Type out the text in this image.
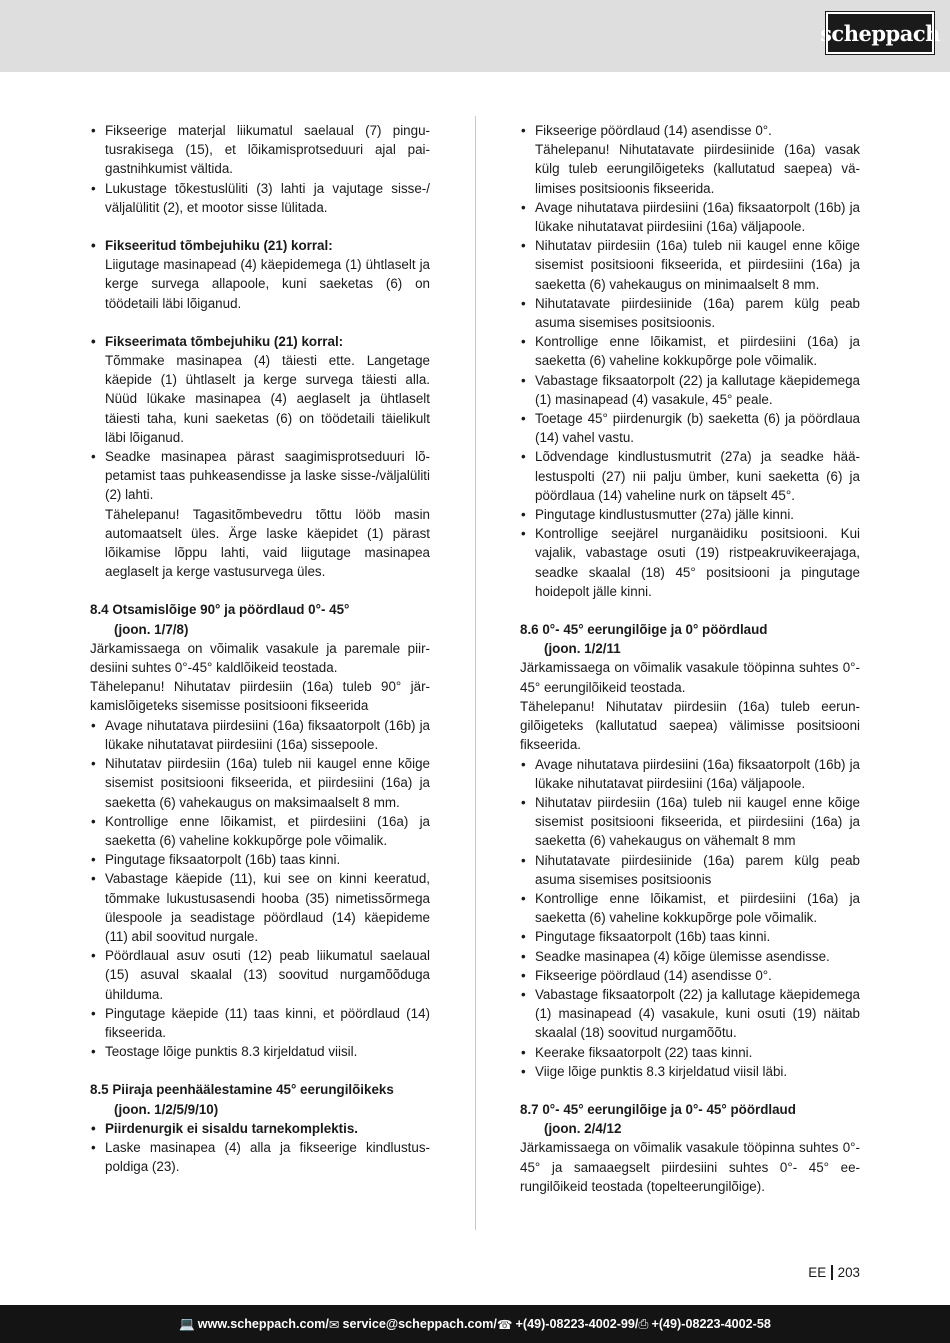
scheppach
• Fikseerige materjal liikumatul saelaual (7) pingutusrakisega (15), et lõikamisprotseduuri ajal paigastnihkumist vältida.
• Lukustage tõkestuslüliti (3) lahti ja vajutage sisse-/ väljalülitit (2), et mootor sisse lülitada.
• Fikseeritud tõmbejuhiku (21) korral:
Liigutage masinapead (4) käepidemega (1) ühtlaselt ja kerge survega allapoole, kuni saeketas (6) on töödetaili läbi lõiganud.
• Fikseerimata tõmbejuhiku (21) korral:
Tõmmake masinapea (4) täiesti ette. Langetage käepide (1) ühtlaselt ja kerge survega täiesti alla. Nüüd lükake masinapea (4) aeglaselt ja ühtlaselt täiesti taha, kuni saeketas (6) on töödetaili täielikult läbi lõiganud.
• Seadke masinapea pärast saagimisprotseduuri lõpetamist taas puhkeasendisse ja laske sisse-/väljalüliti (2) lahti.
Tähelepanu! Tagasitõmbevedru tõttu lööb masin automaatselt üles. Ärge laske käepidet (1) pärast lõikamise lõppu lahti, vaid liigutage masinapea aeglaselt ja kerge vastusurvega üles.
8.4 Otsamislõige 90° ja pöördlaud 0°- 45°
(joon. 1/7/8)
Järkamissaega on võimalik vasakule ja paremale piirdesiini suhtes 0°-45° kaldlõikeid teostada.
Tähelepanu! Nihutatav piirdesiin (16a) tuleb 90° järkamislõigeteks sisemisse positsiooni fikseerida
• Avage nihutatava piirdesiini (16a) fiksaatorpolt (16b) ja lükake nihutatavat piirdesiini (16a) sissepoole.
• Nihutatav piirdesiin (16a) tuleb nii kaugel enne kõige sisemist positsiooni fikseerida, et piirdesiini (16a) ja saeketta (6) vahekaugus on maksimaalselt 8 mm.
• Kontrollige enne lõikamist, et piirdesiini (16a) ja saeketta (6) vaheline kokkupõrge pole võimalik.
• Pingutage fiksaatorpolt (16b) taas kinni.
• Vabastage käepide (11), kui see on kinni keeratud, tõmmake lukustusasendi hooba (35) nimetissõrmega ülespoole ja seadistage pöördlaud (14) käepideme (11) abil soovitud nurgale.
• Pöördlaual asuv osuti (12) peab liikumatul saelaual (15) asuval skaalal (13) soovitud nurgamõõduga ühilduma.
• Pingutage käepide (11) taas kinni, et pöördlaud (14) fikseerida.
• Teostage lõige punktis 8.3 kirjeldatud viisil.
8.5 Piiraja peenhäälestamine 45° eerungilõikeks
(joon. 1/2/5/9/10)
• Piirdenurgik ei sisaldu tarnekomplektis.
• Laske masinapea (4) alla ja fikseerige kindlustuspoldiga (23).
• Fikseerige pöördlaud (14) asendisse 0°.
Tähelepanu! Nihutatavate piirdesiinide (16a) vasak külg tuleb eerungilõigeteks (kallutatud saepea) välimises positsioonis fikseerida.
• Avage nihutatava piirdesiini (16a) fiksaatorpolt (16b) ja lükake nihutatavat piirdesiini (16a) väljapoole.
• Nihutatav piirdesiin (16a) tuleb nii kaugel enne kõige sisemist positsiooni fikseerida, et piirdesiini (16a) ja saeketta (6) vahekaugus on minimaalselt 8 mm.
• Nihutatavate piirdesiinide (16a) parem külg peab asuma sisemises positsioonis.
• Kontrollige enne lõikamist, et piirdesiini (16a) ja saeketta (6) vaheline kokkupõrge pole võimalik.
• Vabastage fiksaatorpolt (22) ja kallutage käepidemega (1) masinapead (4) vasakule, 45° peale.
• Toetage 45° piirdenurgik (b) saeketta (6) ja pöördlaua (14) vahel vastu.
• Lõdvendage kindlustusmutrit (27a) ja seadke häälestuspolti (27) nii palju ümber, kuni saeketta (6) ja pöördlaua (14) vaheline nurk on täpselt 45°.
• Pingutage kindlustusmutter (27a) jälle kinni.
• Kontrollige seejärel nurganäidiku positsiooni. Kui vajalik, vabastage osuti (19) ristpeakruvikeerajaga, seadke skaalal (18) 45° positsiooni ja pingutage hoidepolt jälle kinni.
8.6 0°- 45° eerungilõige ja 0° pöördlaud
(joon. 1/2/11
Järkamissaega on võimalik vasakule tööpinna suhtes 0°- 45° eerungilõikeid teostada.
Tähelepanu! Nihutatav piirdesiin (16a) tuleb eerungilõigeteks (kallutatud saepea) välimisse positsiooni fikseerida.
• Avage nihutatava piirdesiini (16a) fiksaatorpolt (16b) ja lükake nihutatavat piirdesiini (16a) väljapoole.
• Nihutatav piirdesiin (16a) tuleb nii kaugel enne kõige sisemist positsiooni fikseerida, et piirdesiini (16a) ja saeketta (6) vahekaugus on vähemalt 8 mm
• Nihutatavate piirdesiinide (16a) parem külg peab asuma sisemises positsioonis
• Kontrollige enne lõikamist, et piirdesiini (16a) ja saeketta (6) vaheline kokkupõrge pole võimalik.
• Pingutage fiksaatorpolt (16b) taas kinni.
• Seadke masinapea (4) kõige ülemisse asendisse.
• Fikseerige pöördlaud (14) asendisse 0°.
• Vabastage fiksaatorpolt (22) ja kallutage käepidemega (1) masinapead (4) vasakule, kuni osuti (19) näitab skaalal (18) soovitud nurgamõõtu.
• Keerake fiksaatorpolt (22) taas kinni.
• Viige lõige punktis 8.3 kirjeldatud viisil läbi.
8.7 0°- 45° eerungilõige ja 0°- 45° pöördlaud
(joon. 2/4/12
Järkamissaega on võimalik vasakule tööpinna suhtes 0°- 45° ja samaaegselt piirdesiini suhtes 0°- 45° eerungilõikeid teostada (topelteerungilõige).
EE 203
💻 www.scheppach.com / ✉ service@scheppach.com / ☎ +(49)-08223-4002-99 / ⎙ +(49)-08223-4002-58
